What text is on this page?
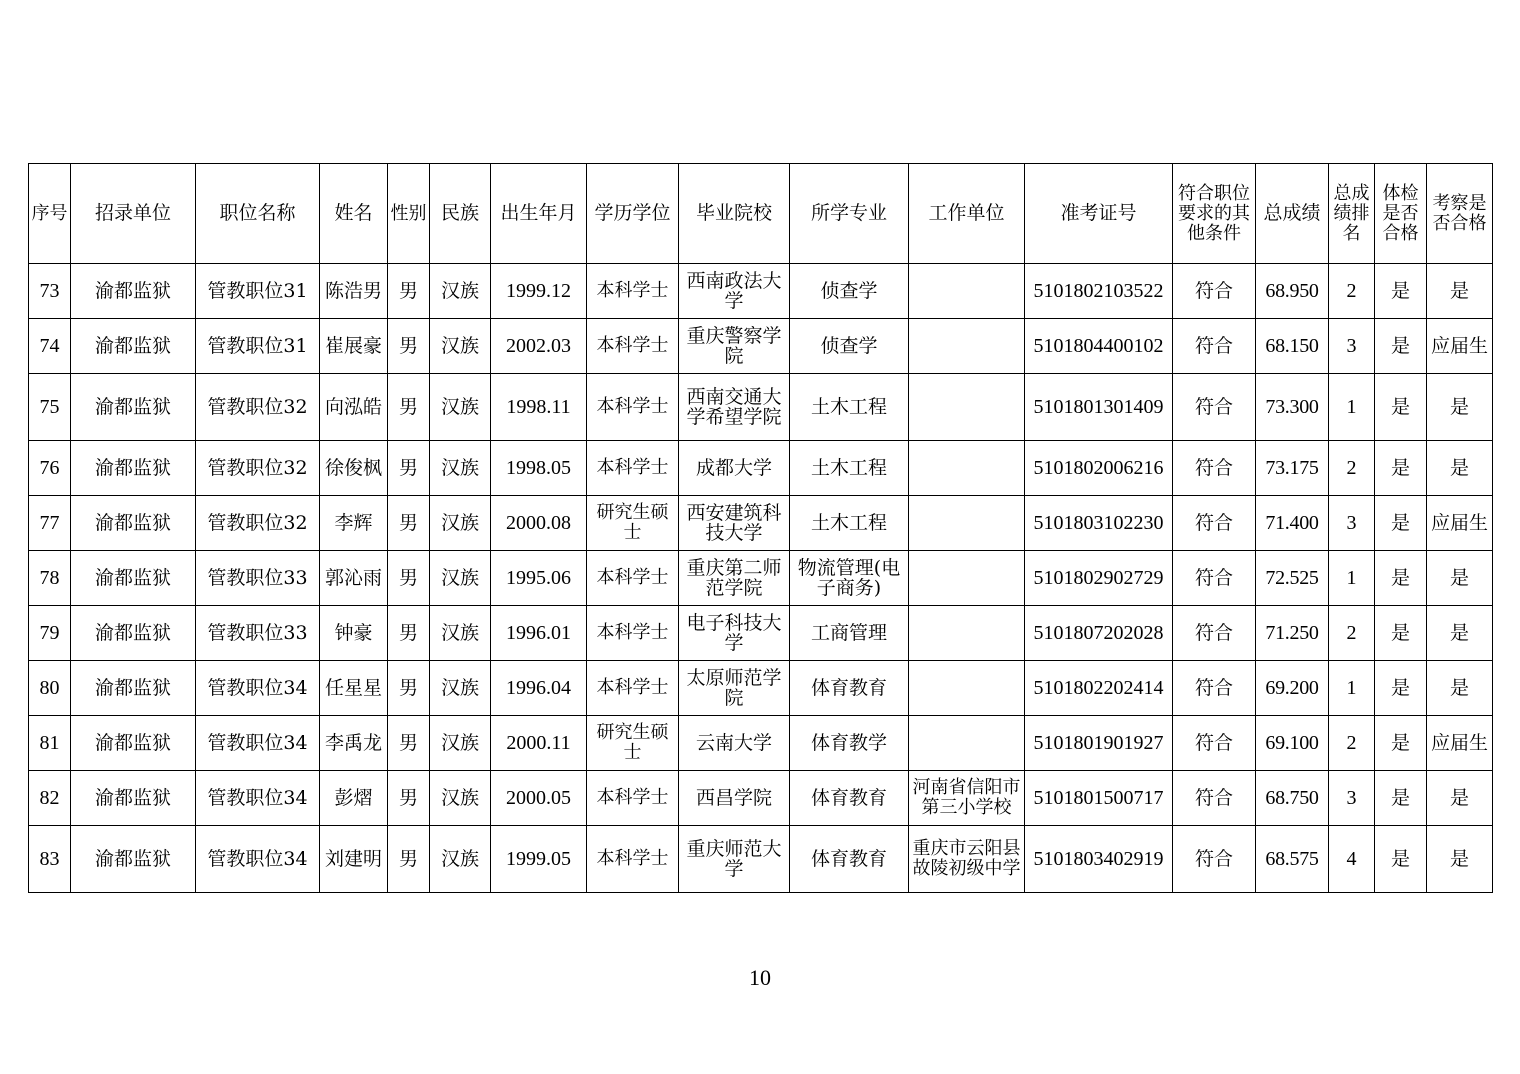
序号	招录单位	职位名称	姓名	性别	民族	出生年月	学历学位	毕业院校	所学专业	工作单位	准考证号	符合职位要求的其他条件	总成绩	总成绩排名	体检是否合格	考察是否合格
73	渝都监狱	管教职位31	陈浩男	男	汉族	1999.12	本科学士	西南政法大学	侦查学		5101802103522	符合	68.950	2	是	是
74	渝都监狱	管教职位31	崔展豪	男	汉族	2002.03	本科学士	重庆警察学院	侦查学		5101804400102	符合	68.150	3	是	应届生
75	渝都监狱	管教职位32	向泓皓	男	汉族	1998.11	本科学士	西南交通大学希望学院	土木工程		5101801301409	符合	73.300	1	是	是
76	渝都监狱	管教职位32	徐俊枫	男	汉族	1998.05	本科学士	成都大学	土木工程		5101802006216	符合	73.175	2	是	是
77	渝都监狱	管教职位32	李辉	男	汉族	2000.08	研究生硕士	西安建筑科技大学	土木工程		5101803102230	符合	71.400	3	是	应届生
78	渝都监狱	管教职位33	郭沁雨	男	汉族	1995.06	本科学士	重庆第二师范学院	物流管理(电子商务)		5101802902729	符合	72.525	1	是	是
79	渝都监狱	管教职位33	钟豪	男	汉族	1996.01	本科学士	电子科技大学	工商管理		5101807202028	符合	71.250	2	是	是
80	渝都监狱	管教职位34	任星星	男	汉族	1996.04	本科学士	太原师范学院	体育教育		5101802202414	符合	69.200	1	是	是
81	渝都监狱	管教职位34	李禹龙	男	汉族	2000.11	研究生硕士	云南大学	体育教学		5101801901927	符合	69.100	2	是	应届生
82	渝都监狱	管教职位34	彭熠	男	汉族	2000.05	本科学士	西昌学院	体育教育	河南省信阳市第三小学校	5101801500717	符合	68.750	3	是	是
83	渝都监狱	管教职位34	刘建明	男	汉族	1999.05	本科学士	重庆师范大学	体育教育	重庆市云阳县故陵初级中学	5101803402919	符合	68.575	4	是	是
10
